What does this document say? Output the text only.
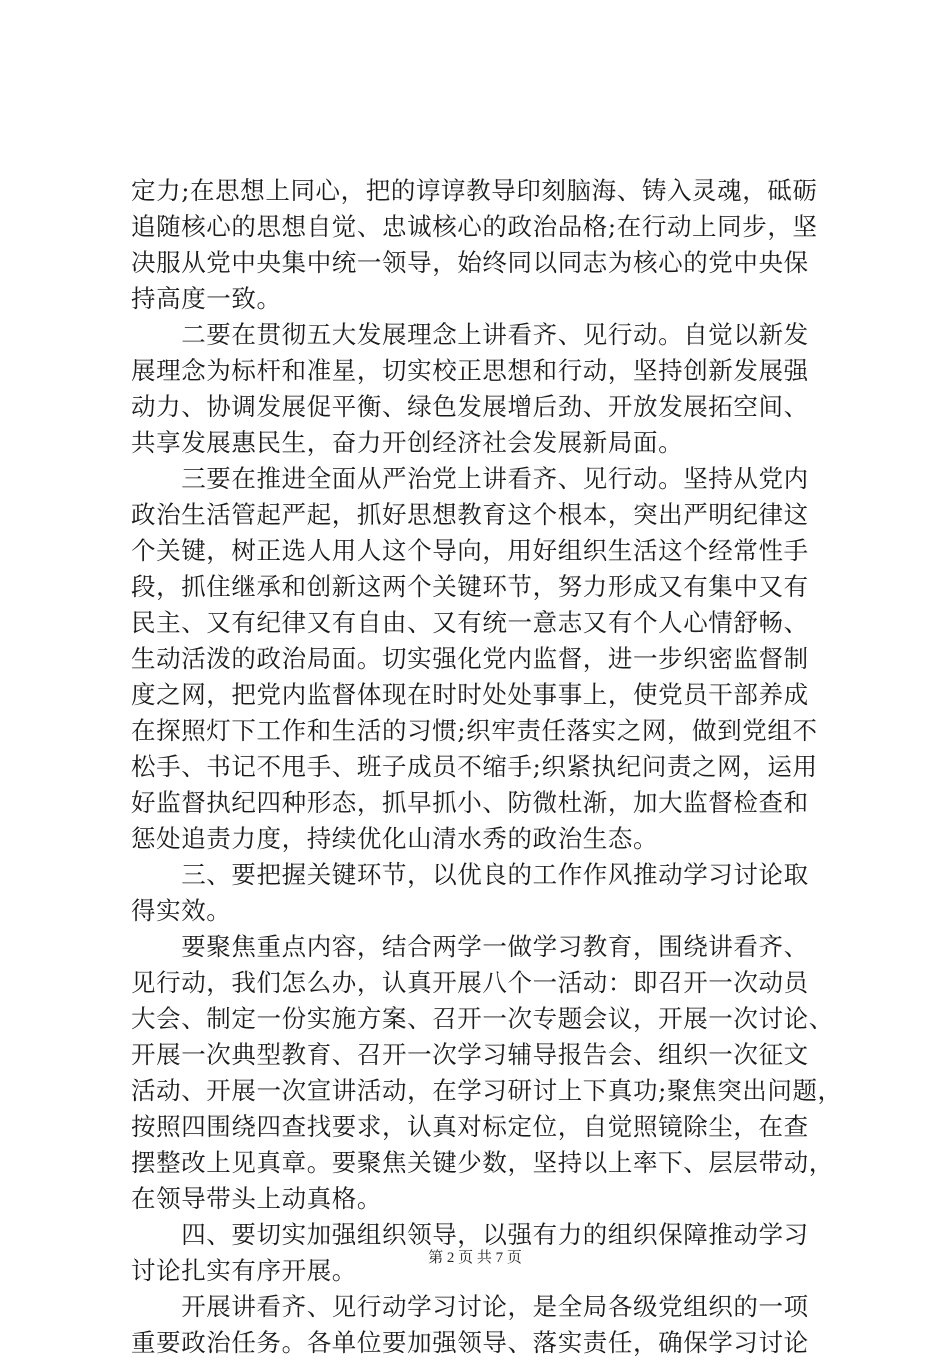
定力;在思想上同心，把的谆谆教导印刻脑海、铸入灵魂，砥砺
追随核心的思想自觉、忠诚核心的政治品格;在行动上同步，坚
决服从党中央集中统一领导，始终同以同志为核心的党中央保
持高度一致。
　　二要在贯彻五大发展理念上讲看齐、见行动。自觉以新发
展理念为标杆和准星，切实校正思想和行动，坚持创新发展强
动力、协调发展促平衡、绿色发展增后劲、开放发展拓空间、
共享发展惠民生，奋力开创经济社会发展新局面。
　　三要在推进全面从严治党上讲看齐、见行动。坚持从党内
政治生活管起严起，抓好思想教育这个根本，突出严明纪律这
个关键，树正选人用人这个导向，用好组织生活这个经常性手
段，抓住继承和创新这两个关键环节，努力形成又有集中又有
民主、又有纪律又有自由、又有统一意志又有个人心情舒畅、
生动活泼的政治局面。切实强化党内监督，进一步织密监督制
度之网，把党内监督体现在时时处处事事上，使党员干部养成
在探照灯下工作和生活的习惯;织牢责任落实之网，做到党组不
松手、书记不甩手、班子成员不缩手;织紧执纪问责之网，运用
好监督执纪四种形态，抓早抓小、防微杜渐，加大监督检查和
惩处追责力度，持续优化山清水秀的政治生态。
　　三、要把握关键环节，以优良的工作作风推动学习讨论取
得实效。
　　要聚焦重点内容，结合两学一做学习教育，围绕讲看齐、
见行动，我们怎么办，认真开展八个一活动：即召开一次动员
大会、制定一份实施方案、召开一次专题会议，开展一次讨论、
开展一次典型教育、召开一次学习辅导报告会、组织一次征文
活动、开展一次宣讲活动，在学习研讨上下真功;聚焦突出问题，
按照四围绕四查找要求，认真对标定位，自觉照镜除尘，在查
摆整改上见真章。要聚焦关键少数，坚持以上率下、层层带动，
在领导带头上动真格。
　　四、要切实加强组织领导，以强有力的组织保障推动学习
讨论扎实有序开展。
　　开展讲看齐、见行动学习讨论，是全局各级党组织的一项
重要政治任务。各单位要加强领导、落实责任，确保学习讨论
第 2 页 共 7 页
